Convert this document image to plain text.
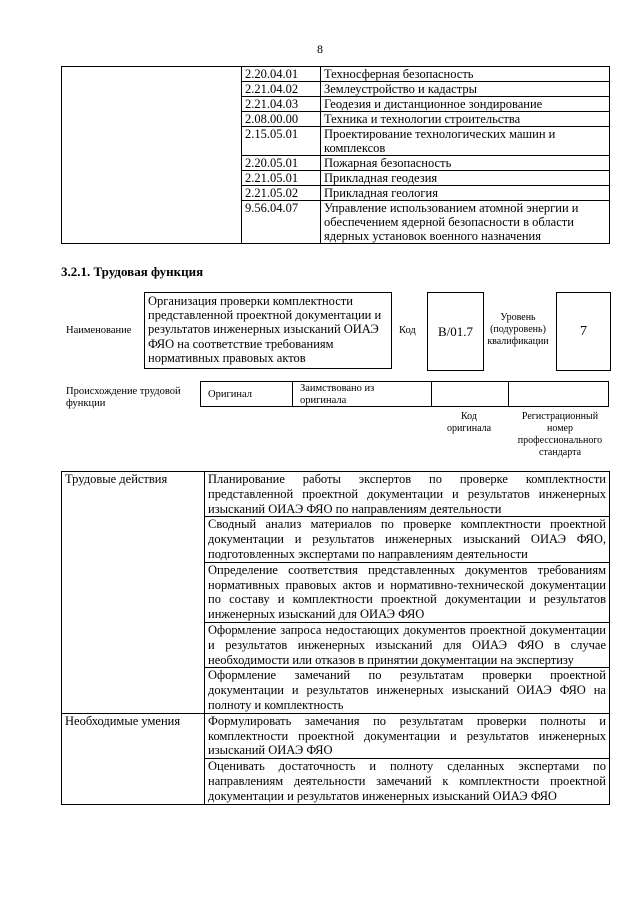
8
	2.20.04.01	Техносферная безопасность
	2.21.04.02	Землеустройство и кадастры
	2.21.04.03	Геодезия и дистанционное зондирование
	2.08.00.00	Техника и технологии строительства
	2.15.05.01	Проектирование технологических машин и комплексов
	2.20.05.01	Пожарная безопасность
	2.21.05.01	Прикладная геодезия
	2.21.05.02	Прикладная геология
	9.56.04.07	Управление использованием атомной энергии и обеспечением ядерной безопасности в области ядерных установок военного назначения
3.2.1. Трудовая функция
Наименование
Организация проверки комплектности представленной проектной документации и результатов инженерных изысканий ОИАЭ ФЯО на соответствие требованиям нормативных правовых актов
Код	B/01.7
Уровень (подуровень) квалификации
7
Происхождение трудовой функции
Оригинал
Заимствовано из оригинала
Код оригинала
Регистрационный номер профессионального стандарта
Трудовые действия	Планирование работы экспертов по проверке комплектности представленной проектной документации и результатов инженерных изысканий ОИАЭ ФЯО по направлениям деятельности
	Сводный анализ материалов по проверке комплектности проектной документации и результатов инженерных изысканий ОИАЭ ФЯО, подготовленных экспертами по направлениям деятельности
	Определение соответствия представленных документов требованиям нормативных правовых актов и нормативно-технической документации по составу и комплектности проектной документации и результатов инженерных изысканий для ОИАЭ ФЯО
	Оформление запроса недостающих документов проектной документации и результатов инженерных изысканий для ОИАЭ ФЯО в случае необходимости или отказов в принятии документации на экспертизу
	Оформление замечаний по результатам проверки проектной документации и результатов инженерных изысканий ОИАЭ ФЯО на полноту и комплектность
Необходимые умения	Формулировать замечания по результатам проверки полноты и комплектности проектной документации и результатов инженерных изысканий ОИАЭ ФЯО
	Оценивать достаточность и полноту сделанных экспертами по направлениям деятельности замечаний к комплектности проектной документации и результатов инженерных изысканий ОИАЭ ФЯО
